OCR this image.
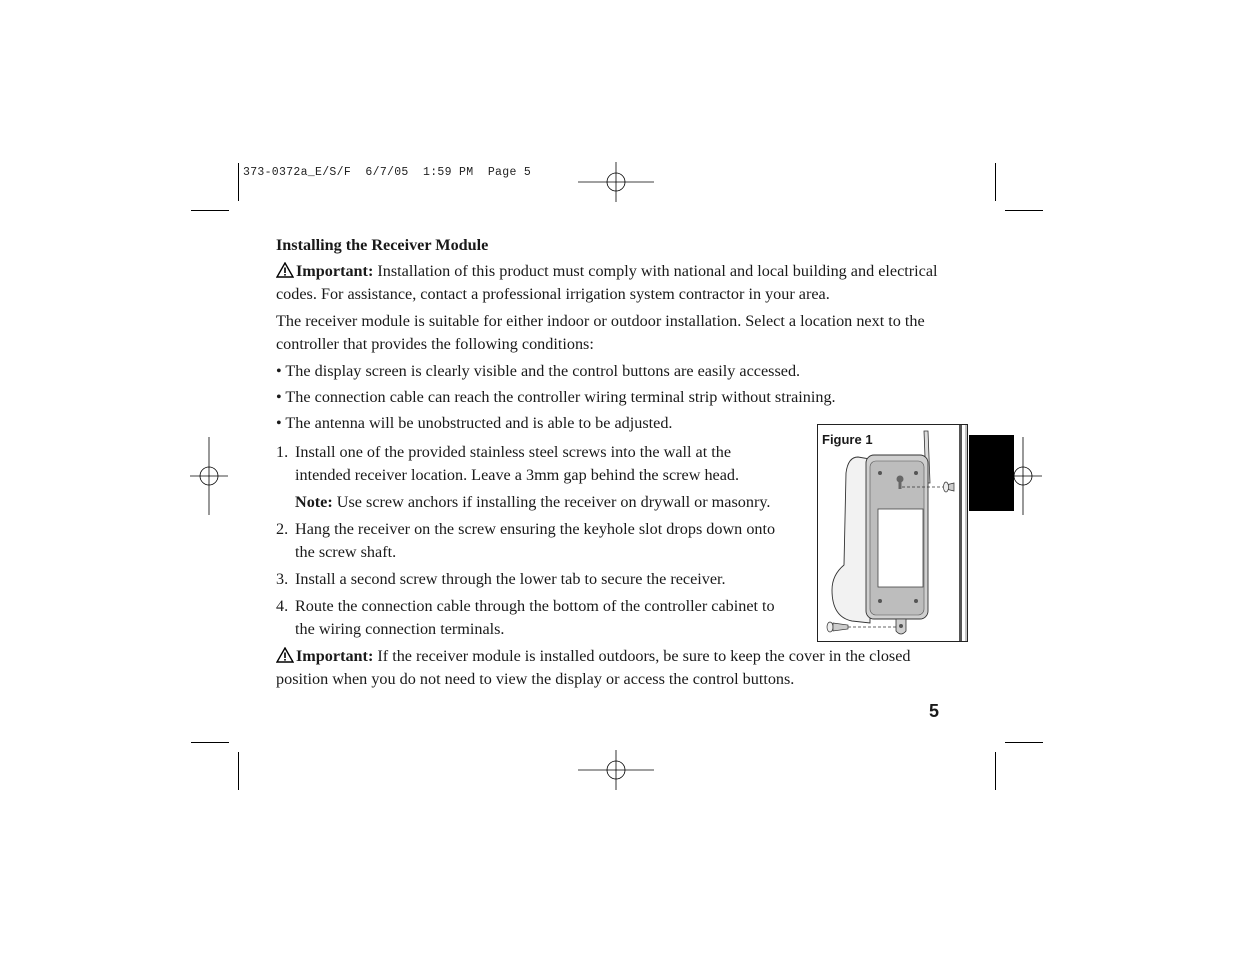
373-0372a_E/S/F  6/7/05  1:59 PM  Page 5
Installing the Receiver Module
Important: Installation of this product must comply with national and local building and electrical codes. For assistance, contact a professional irrigation system contractor in your area.
The receiver module is suitable for either indoor or outdoor installation. Select a location next to the controller that provides the following conditions:
• The display screen is clearly visible and the control buttons are easily accessed.
• The connection cable can reach the controller wiring terminal strip without straining.
• The antenna will be unobstructed and is able to be adjusted.
1. Install one of the provided stainless steel screws into the wall at the intended receiver location. Leave a 3mm gap behind the screw head.
Note: Use screw anchors if installing the receiver on drywall or masonry.
2. Hang the receiver on the screw ensuring the keyhole slot drops down onto the screw shaft.
3. Install a second screw through the lower tab to secure the receiver.
4. Route the connection cable through the bottom of the controller cabinet to the wiring connection terminals.
Important: If the receiver module is installed outdoors, be sure to keep the cover in the closed position when you do not need to view the display or access the control buttons.
Figure 1
5
